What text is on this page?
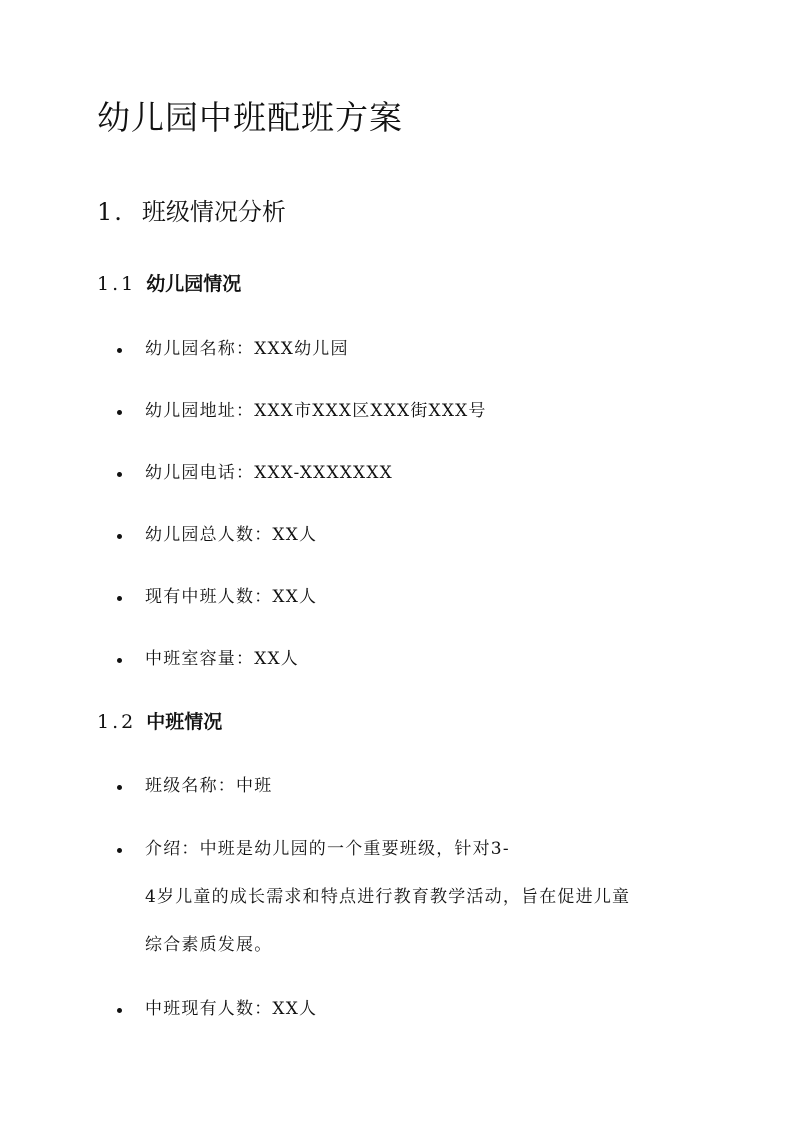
幼儿园中班配班方案
1. 班级情况分析
1.1 幼儿园情况
幼儿园名称：XXX幼儿园
幼儿园地址：XXX市XXX区XXX街XXX号
幼儿园电话：XXX-XXXXXXX
幼儿园总人数：XX人
现有中班人数：XX人
中班室容量：XX人
1.2 中班情况
班级名称：中班
介绍：中班是幼儿园的一个重要班级，针对3-
4岁儿童的成长需求和特点进行教育教学活动，旨在促进儿童
综合素质发展。
中班现有人数：XX人
